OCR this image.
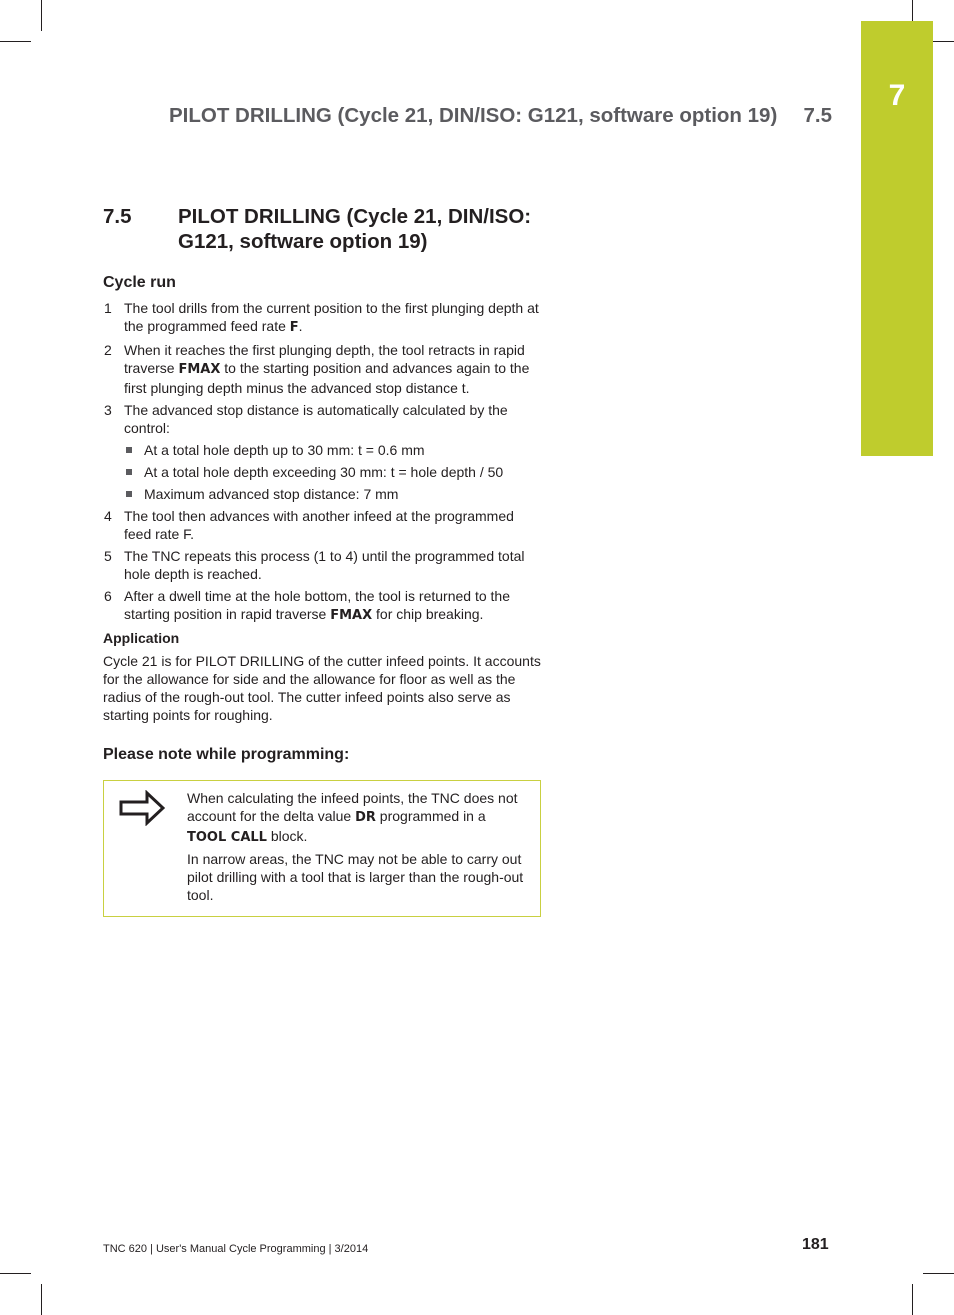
7
PILOT DRILLING (Cycle 21, DIN/ISO: G121, software option 19) 7.5
7.5 PILOT DRILLING (Cycle 21, DIN/ISO: G121, software option 19)
Cycle run
1 The tool drills from the current position to the first plunging depth at the programmed feed rate F.
2 When it reaches the first plunging depth, the tool retracts in rapid traverse FMAX to the starting position and advances again to the first plunging depth minus the advanced stop distance t.
3 The advanced stop distance is automatically calculated by the control:
At a total hole depth up to 30 mm: t = 0.6 mm
At a total hole depth exceeding 30 mm: t = hole depth / 50
Maximum advanced stop distance: 7 mm
4 The tool then advances with another infeed at the programmed feed rate F.
5 The TNC repeats this process (1 to 4) until the programmed total hole depth is reached.
6 After a dwell time at the hole bottom, the tool is returned to the starting position in rapid traverse FMAX for chip breaking.
Application
Cycle 21 is for PILOT DRILLING of the cutter infeed points. It accounts for the allowance for side and the allowance for floor as well as the radius of the rough-out tool. The cutter infeed points also serve as starting points for roughing.
Please note while programming:

When calculating the infeed points, the TNC does not account for the delta value DR programmed in a TOOL CALL block.

In narrow areas, the TNC may not be able to carry out pilot drilling with a tool that is larger than the rough-out tool.

TNC 620 | User's Manual Cycle Programming | 3/2014	181
